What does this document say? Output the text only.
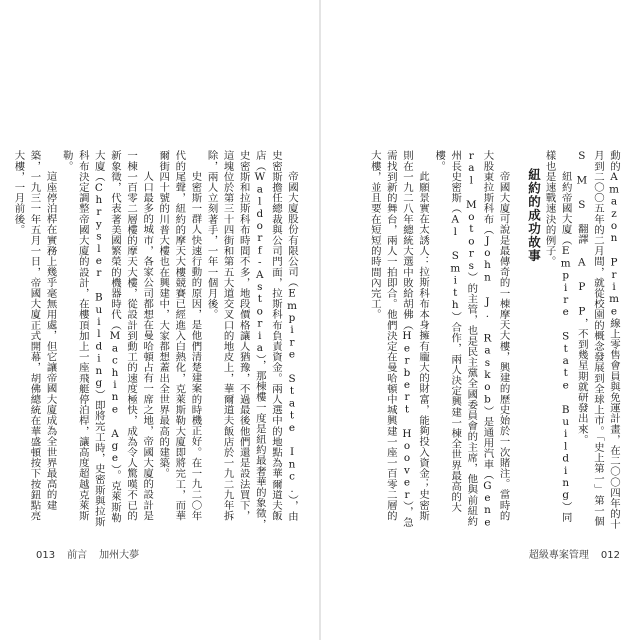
帝國大廈股份有限公司（Empire State Inc.），由史密斯擔任總裁與公司門面，拉斯科布負責資金。兩人選中的地點為華爾道夫飯店（Waldorf-Astoria），那棟樓一度是紐約最奢華的象徵，史密斯和拉斯科布時間不多，地段價格讓人猶豫，不過最後他們還是設法買下，這塊位於第三十四街和第五大道交叉口的地皮上，華爾道夫飯店於一九二九年拆除，兩人立刻著手，一年一個月後。

史密斯一群人快速行動的原因，是他們清楚建案的時機正好。在一九二〇年代的尾聲，紐約的摩天大樓競賽已經進入白熱化，克萊斯勒大廈即將完工，而華爾街四十號的川普大樓也在興建中，大家都想蓋出全世界最高的建築。

人口最多的城市，各家公司都想在曼哈頓占有一席之地，帝國大廈的設計是一棟一百零二層樓的摩天大樓，從設計到動工的速度極快，成為令人驚嘆不已的新象徵，代表著美國繁榮的機器時代（Machine Age）。克萊斯勒大廈（Chrysler Building）即將完工時，史密斯與拉斯科布決定調整帝國大廈的設計，在樓頂加上一座飛艇停泊桿，讓高度超越克萊斯勒。

這座停泊桿在實務上幾乎毫無用處，但它讓帝國大廈成為全世界最高的建築，一九三一年五月一日，帝國大廈正式開幕，胡佛總統在華盛頓按下按鈕點亮大樓，一月前後。

013 前言 加州大夢

動的Amazon Prime線上零售會員與免運計畫，在二〇〇四年的十月到二〇〇五年的二月間，就從校園的概念發展到全球上市。「史上第一」第一個S M S 翻譯 A P P，不到幾星期就研發出來。

紐約帝國大廈（Empire State Building）同樣也是速戰速決的例子。

紐約的成功故事

帝國大廈可說是最傳奇的一棟摩天大樓，興建的歷史始於一次賭注。當時的大股東拉斯科布（John J. Raskob）是通用汽車（General Motors）的主管，也是民主黨全國委員會的主席，他與前紐約州長史密斯（Al Smith）合作，兩人決定興建一棟全世界最高的大樓。

此願景實在太誘人：拉斯科布本身擁有龐大的財富，能夠投入資金；史密斯則在一九二八年總統大選中敗給胡佛（Herbert Hoover），急需找到新的舞台，兩人一拍即合。他們決定在曼哈頓中城興建一座一百零二層的大樓，並且要在短短的時間內完工。

超級專案管理 012
